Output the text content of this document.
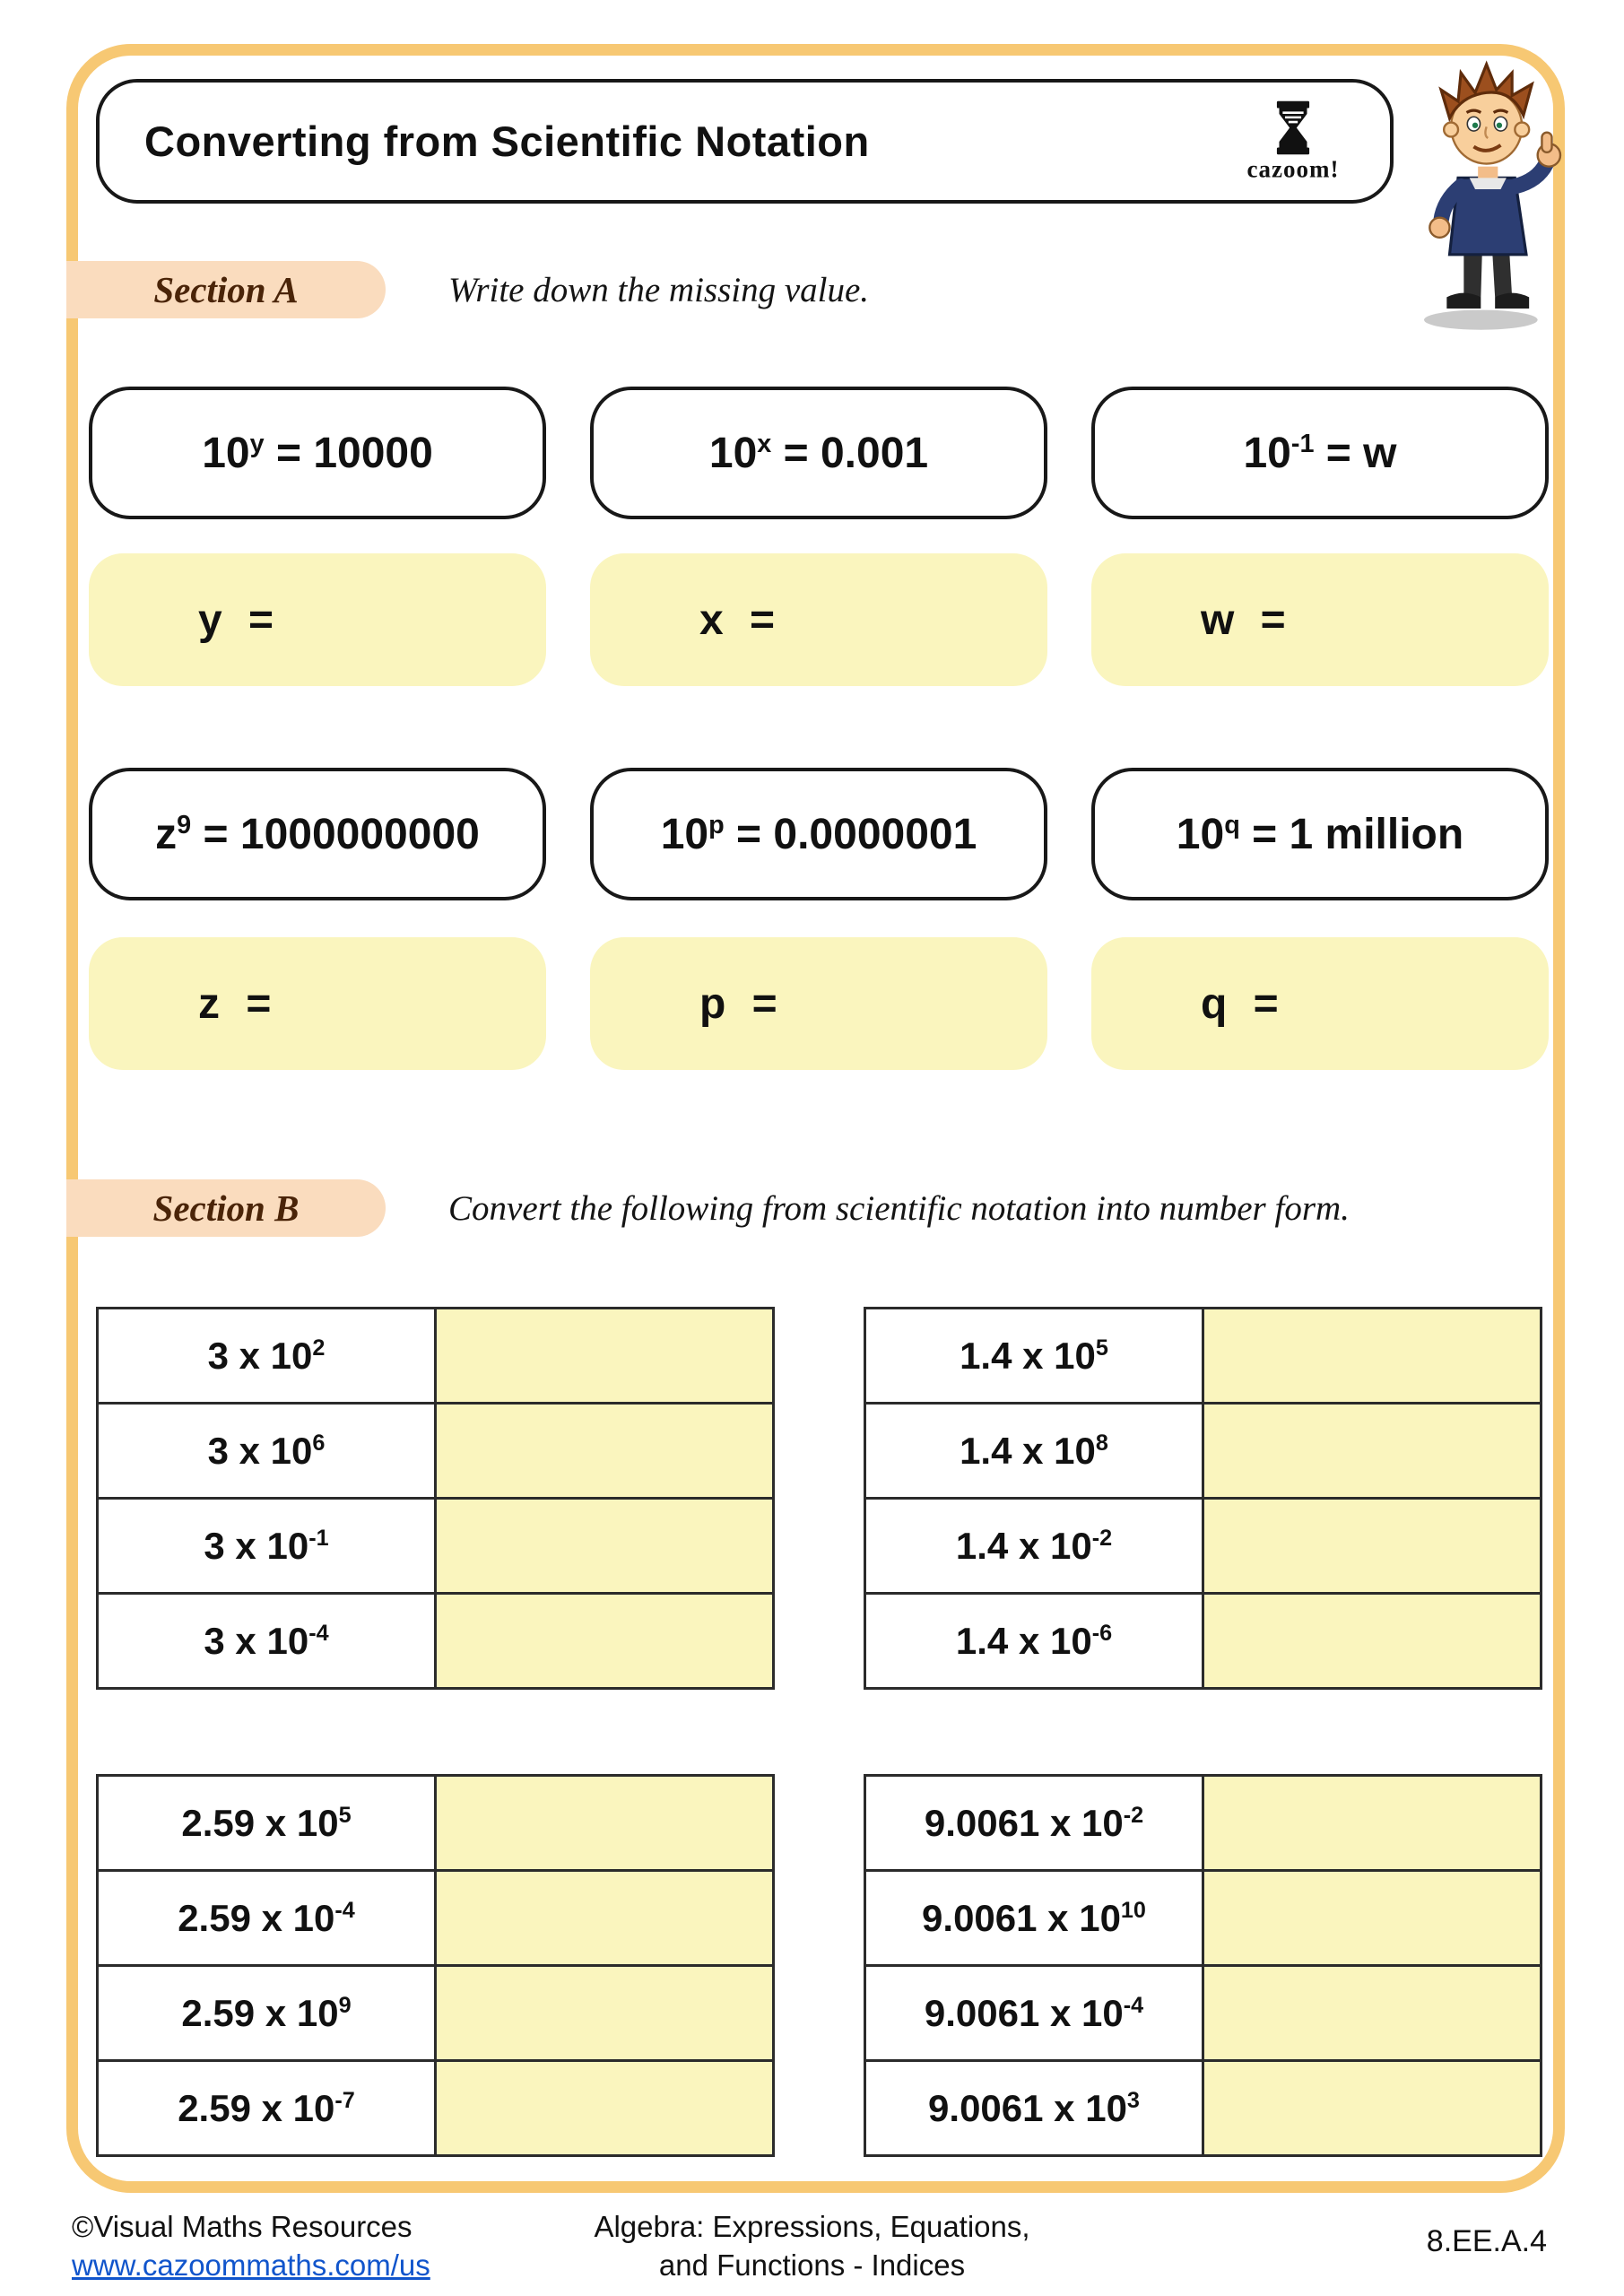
Converting from Scientific Notation
cazoom!
Section A	Write down the missing value.
$10^y = 10000$	$10^x = 0.001$	$10^{-1} = w$
y =	x =	w =
$z^9 = 1000000000$	$10^p = 0.0000001$	$10^q = 1$ million
z =	p =	q =
Section B	Convert the following from scientific notation into number form.
3 x $10^2$
3 x $10^6$
3 x $10^{-1}$
3 x $10^{-4}$
1.4 x $10^5$
1.4 x $10^8$
1.4 x $10^{-2}$
1.4 x $10^{-6}$
2.59 x $10^5$
2.59 x $10^{-4}$
2.59 x $10^9$
2.59 x $10^{-7}$
9.0061 x $10^{-2}$
9.0061 x $10^{10}$
9.0061 x $10^{-4}$
9.0061 x $10^3$
©Visual Maths Resources
www.cazoommaths.com/us
Algebra: Expressions, Equations,
and Functions - Indices
8.EE.A.4
